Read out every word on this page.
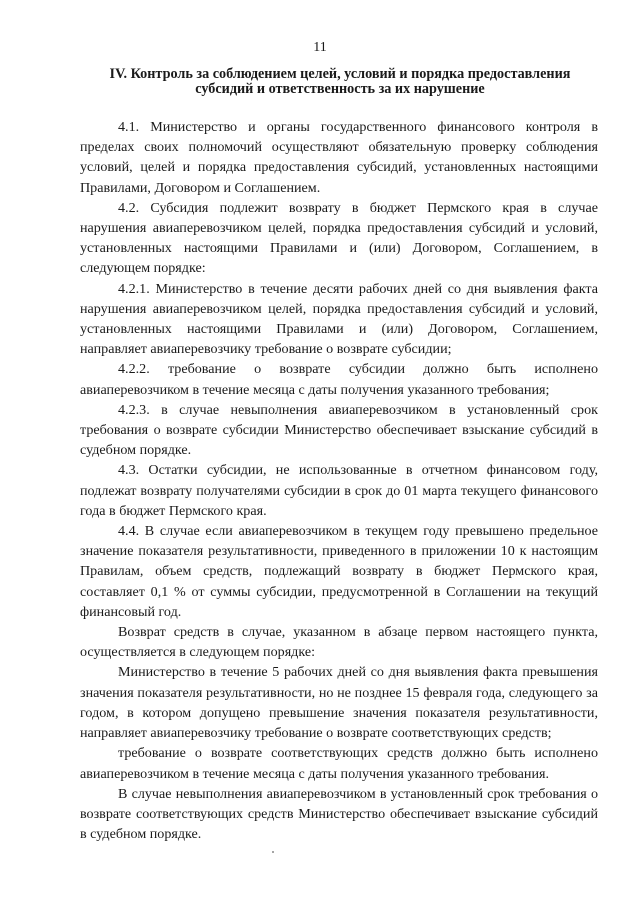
11
IV. Контроль за соблюдением целей, условий и порядка предоставления
субсидий и ответственность за их нарушение

4.1. Министерство и органы государственного финансового контроля в пределах своих полномочий осуществляют обязательную проверку соблюдения условий, целей и порядка предоставления субсидий, установленных настоящими Правилами, Договором и Соглашением.

4.2. Субсидия подлежит возврату в бюджет Пермского края в случае нарушения авиаперевозчиком целей, порядка предоставления субсидий и условий, установленных настоящими Правилами и (или) Договором, Соглашением, в следующем порядке:

4.2.1. Министерство в течение десяти рабочих дней со дня выявления факта нарушения авиаперевозчиком целей, порядка предоставления субсидий и условий, установленных настоящими Правилами и (или) Договором, Соглашением, направляет авиаперевозчику требование о возврате субсидии;

4.2.2. требование о возврате субсидии должно быть исполнено авиаперевозчиком в течение месяца с даты получения указанного требования;

4.2.3. в случае невыполнения авиаперевозчиком в установленный срок требования о возврате субсидии Министерство обеспечивает взыскание субсидий в судебном порядке.

4.3. Остатки субсидии, не использованные в отчетном финансовом году, подлежат возврату получателями субсидии в срок до 01 марта текущего финансового года в бюджет Пермского края.

4.4. В случае если авиаперевозчиком в текущем году превышено предельное значение показателя результативности, приведенного в приложении 10 к настоящим Правилам, объем средств, подлежащий возврату в бюджет Пермского края, составляет 0,1 % от суммы субсидии, предусмотренной в Соглашении на текущий финансовый год.

Возврат средств в случае, указанном в абзаце первом настоящего пункта, осуществляется в следующем порядке:

Министерство в течение 5 рабочих дней со дня выявления факта превышения значения показателя результативности, но не позднее 15 февраля года, следующего за годом, в котором допущено превышение значения показателя результативности, направляет авиаперевозчику требование о возврате соответствующих средств;

требование о возврате соответствующих средств должно быть исполнено авиаперевозчиком в течение месяца с даты получения указанного требования.

В случае невыполнения авиаперевозчиком в установленный срок требования о возврате соответствующих средств Министерство обеспечивает взыскание субсидий в судебном порядке.
